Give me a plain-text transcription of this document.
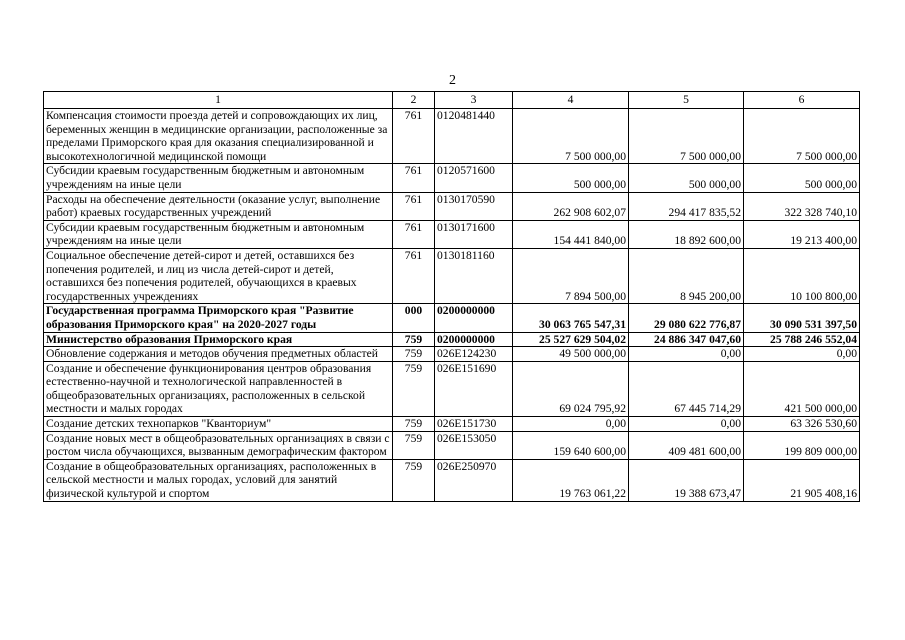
2
1	2	3	4	5	6
Компенсация стоимости проезда детей и сопровождающих их лиц, беременных женщин в медицинские организации, расположенные за пределами Приморского края для оказания специализированной и высокотехнологичной медицинской помощи	761	0120481440	7 500 000,00	7 500 000,00	7 500 000,00
Субсидии краевым государственным бюджетным и автономным учреждениям на иные цели	761	0120571600	500 000,00	500 000,00	500 000,00
Расходы на обеспечение деятельности (оказание услуг, выполнение работ) краевых государственных учреждений	761	0130170590	262 908 602,07	294 417 835,52	322 328 740,10
Субсидии краевым государственным бюджетным и автономным учреждениям на иные цели	761	0130171600	154 441 840,00	18 892 600,00	19 213 400,00
Социальное обеспечение детей-сирот и детей, оставшихся без попечения родителей, и лиц из числа детей-сирот и детей, оставшихся без попечения родителей, обучающихся в краевых государственных учреждениях	761	0130181160	7 894 500,00	8 945 200,00	10 100 800,00
Государственная программа Приморского края "Развитие образования Приморского края" на 2020-2027 годы	000	0200000000	30 063 765 547,31	29 080 622 776,87	30 090 531 397,50
Министерство образования Приморского края	759	0200000000	25 527 629 504,02	24 886 347 047,60	25 788 246 552,04
Обновление содержания и методов обучения предметных областей	759	026E124230	49 500 000,00	0,00	0,00
Создание и обеспечение функционирования центров образования естественно-научной и технологической направленностей в общеобразовательных организациях, расположенных в сельской местности и малых городах	759	026E151690	69 024 795,92	67 445 714,29	421 500 000,00
Создание детских технопарков "Кванториум"	759	026E151730	0,00	0,00	63 326 530,60
Создание новых мест в общеобразовательных организациях в связи с ростом числа обучающихся, вызванным демографическим фактором	759	026E153050	159 640 600,00	409 481 600,00	199 809 000,00
Создание в общеобразовательных организациях, расположенных в сельской местности и малых городах, условий для занятий физической культурой и спортом	759	026E250970	19 763 061,22	19 388 673,47	21 905 408,16
